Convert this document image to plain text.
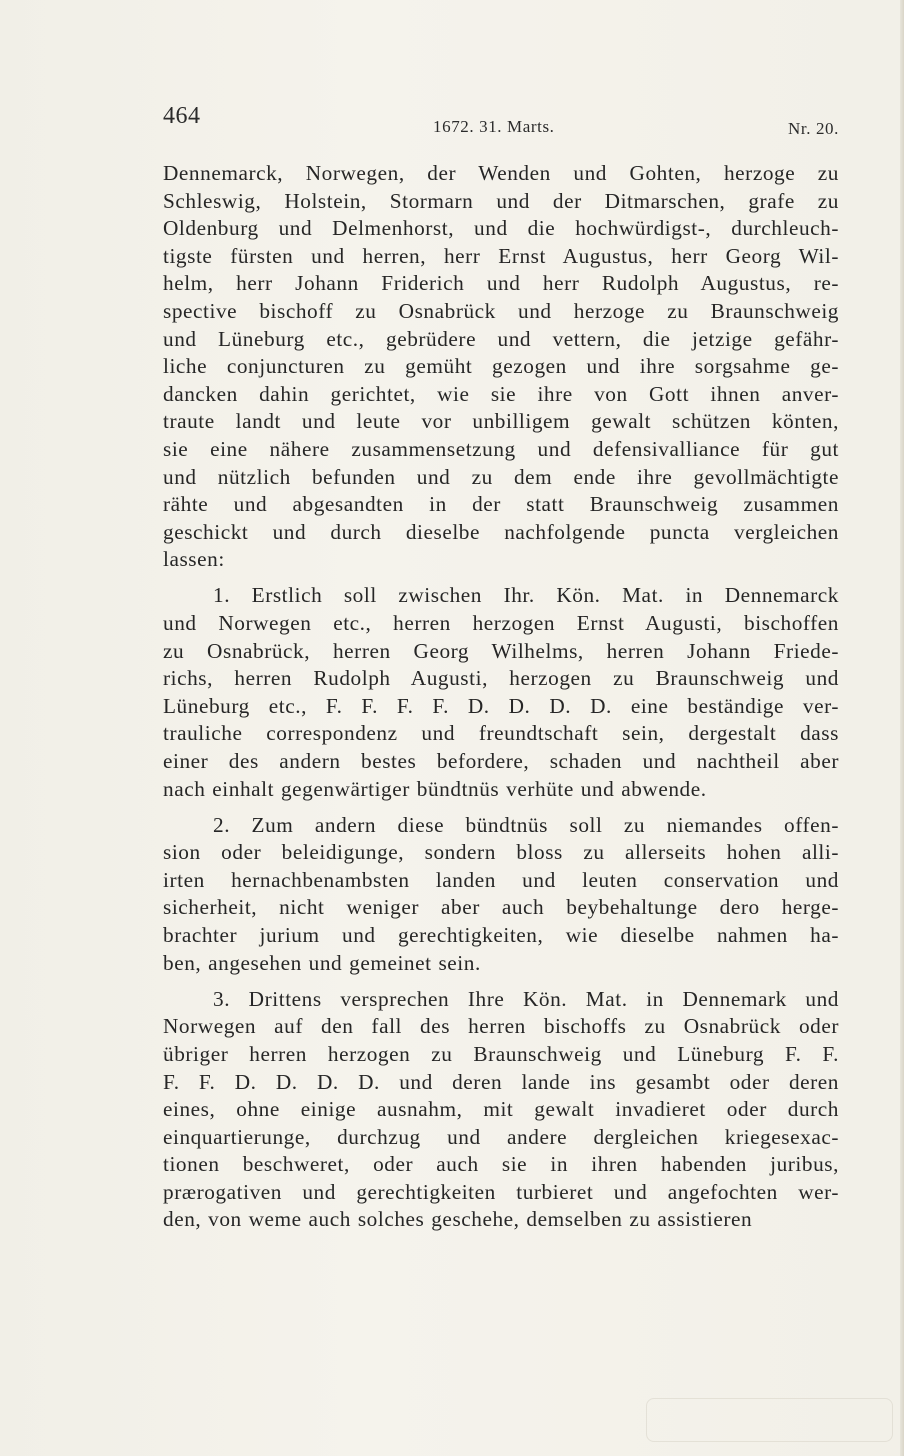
464	1672. 31. Marts.	Nr. 20.
Dennemarck, Norwegen, der Wenden und Gohten, herzoge zu
Schleswig, Holstein, Stormarn und der Ditmarschen, grafe zu
Oldenburg und Delmenhorst, und die hochwürdigst-, durchleuch-
tigste fürsten und herren, herr Ernst Augustus, herr Georg Wil-
helm, herr Johann Friderich und herr Rudolph Augustus, re-
spective bischoff zu Osnabrück und herzoge zu Braunschweig
und Lüneburg etc., gebrüdere und vettern, die jetzige gefähr-
liche conjuncturen zu gemüht gezogen und ihre sorgsahme ge-
dancken dahin gerichtet, wie sie ihre von Gott ihnen anver-
traute landt und leute vor unbilligem gewalt schützen könten,
sie eine nähere zusammensetzung und defensivalliance für gut
und nützlich befunden und zu dem ende ihre gevollmächtigte
rähte und abgesandten in der statt Braunschweig zusammen
geschickt und durch dieselbe nachfolgende puncta vergleichen
lassen:
1. Erstlich soll zwischen Ihr. Kön. Mat. in Dennemarck
und Norwegen etc., herren herzogen Ernst Augusti, bischoffen
zu Osnabrück, herren Georg Wilhelms, herren Johann Friede-
richs, herren Rudolph Augusti, herzogen zu Braunschweig und
Lüneburg etc., F. F. F. F. D. D. D. D. eine beständige ver-
trauliche correspondenz und freundtschaft sein, dergestalt dass
einer des andern bestes befordere, schaden und nachtheil aber
nach einhalt gegenwärtiger bündtnüs verhüte und abwende.
2. Zum andern diese bündtnüs soll zu niemandes offen-
sion oder beleidigunge, sondern bloss zu allerseits hohen alli-
irten hernachbenambsten landen und leuten conservation und
sicherheit, nicht weniger aber auch beybehaltunge dero herge-
brachter jurium und gerechtigkeiten, wie dieselbe nahmen ha-
ben, angesehen und gemeinet sein.
3. Drittens versprechen Ihre Kön. Mat. in Dennemark und
Norwegen auf den fall des herren bischoffs zu Osnabrück oder
übriger herren herzogen zu Braunschweig und Lüneburg F. F.
F. F. D. D. D. D. und deren lande ins gesambt oder deren
eines, ohne einige ausnahm, mit gewalt invadieret oder durch
einquartierunge, durchzug und andere dergleichen kriegesexac-
tionen beschweret, oder auch sie in ihren habenden juribus,
prærogativen und gerechtigkeiten turbieret und angefochten wer-
den, von weme auch solches geschehe, demselben zu assistieren
